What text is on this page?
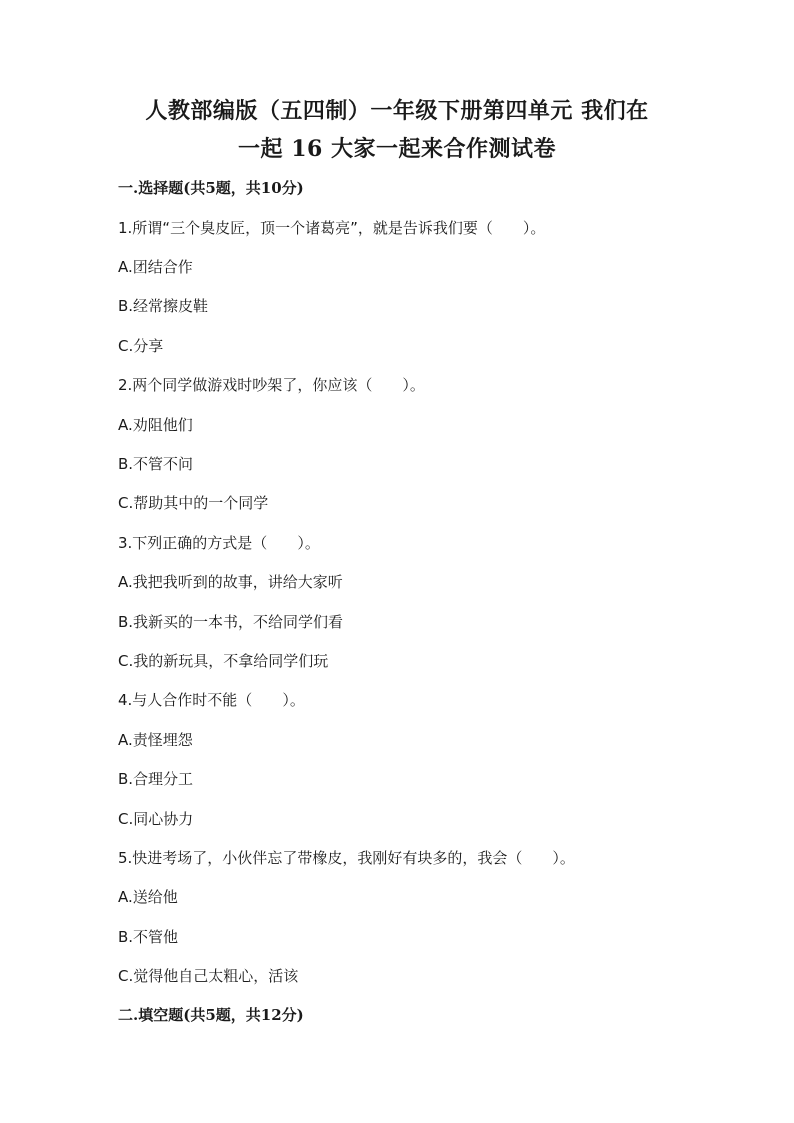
人教部编版（五四制）一年级下册第四单元 我们在
一起 16 大家一起来合作测试卷
一.选择题(共5题，共10分)
1.所谓“三个臭皮匠，顶一个诸葛亮”，就是告诉我们要（　　）。
A.团结合作
B.经常擦皮鞋
C.分享
2.两个同学做游戏时吵架了，你应该（　　）。
A.劝阻他们
B.不管不问
C.帮助其中的一个同学
3.下列正确的方式是（　　）。
A.我把我听到的故事，讲给大家听
B.我新买的一本书，不给同学们看
C.我的新玩具，不拿给同学们玩
4.与人合作时不能（　　）。
A.责怪埋怨
B.合理分工
C.同心协力
5.快进考场了，小伙伴忘了带橡皮，我刚好有块多的，我会（　　）。
A.送给他
B.不管他
C.觉得他自己太粗心，活该
二.填空题(共5题，共12分)
